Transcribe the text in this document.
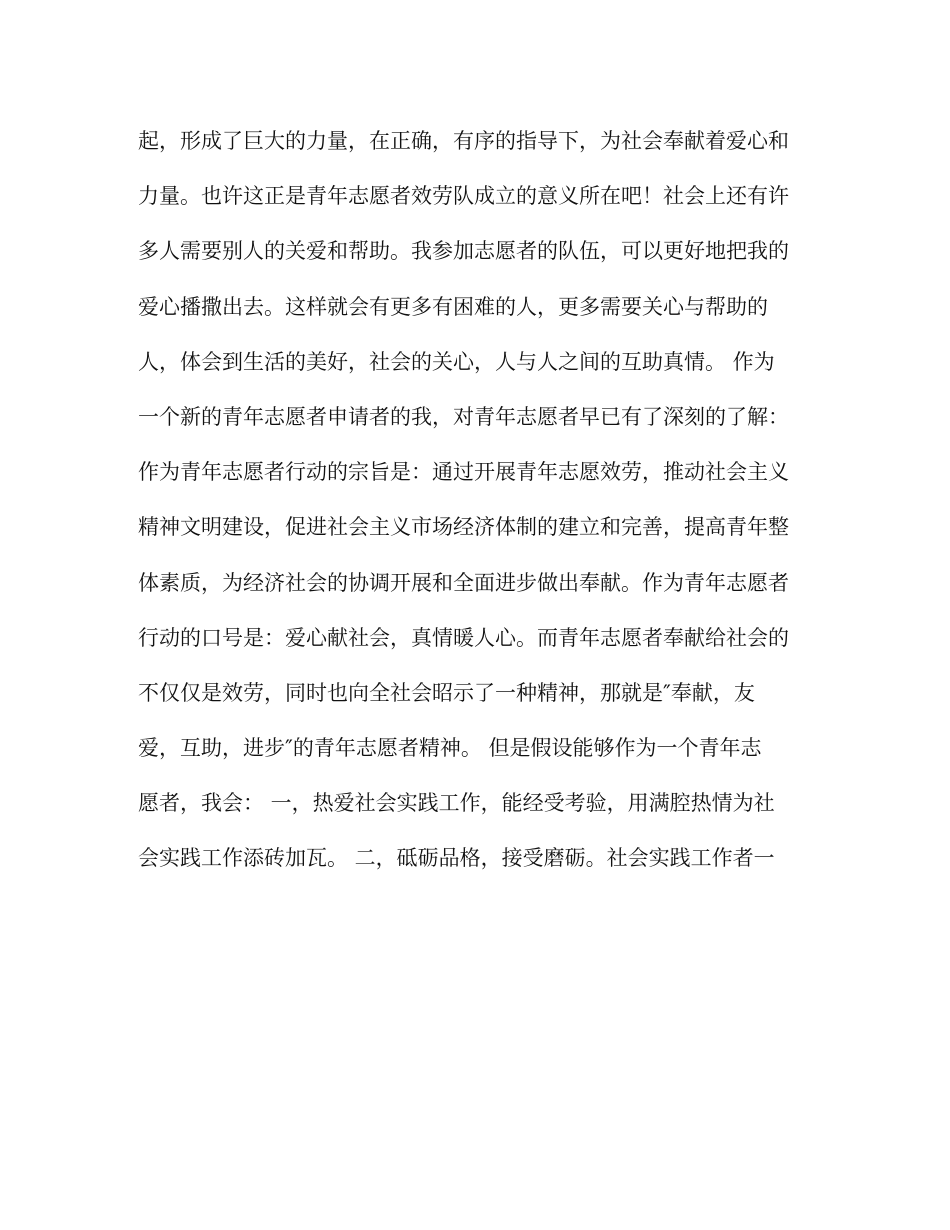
起，形成了巨大的力量，在正确，有序的指导下，为社会奉献着爱心和
力量。也许这正是青年志愿者效劳队成立的意义所在吧！社会上还有许
多人需要别人的关爱和帮助。我参加志愿者的队伍，可以更好地把我的
爱心播撒出去。这样就会有更多有困难的人，更多需要关心与帮助的
人，体会到生活的美好，社会的关心，人与人之间的互助真情。 作为
一个新的青年志愿者申请者的我，对青年志愿者早已有了深刻的了解：
作为青年志愿者行动的宗旨是：通过开展青年志愿效劳，推动社会主义
精神文明建设，促进社会主义市场经济体制的建立和完善，提高青年整
体素质，为经济社会的协调开展和全面进步做出奉献。作为青年志愿者
行动的口号是：爱心献社会，真情暖人心。而青年志愿者奉献给社会的
不仅仅是效劳，同时也向全社会昭示了一种精神，那就是″奉献，友
爱，互助，进步″的青年志愿者精神。 但是假设能够作为一个青年志
愿者，我会： 一，热爱社会实践工作，能经受考验，用满腔热情为社
会实践工作添砖加瓦。 二，砥砺品格，接受磨砺。社会实践工作者一
